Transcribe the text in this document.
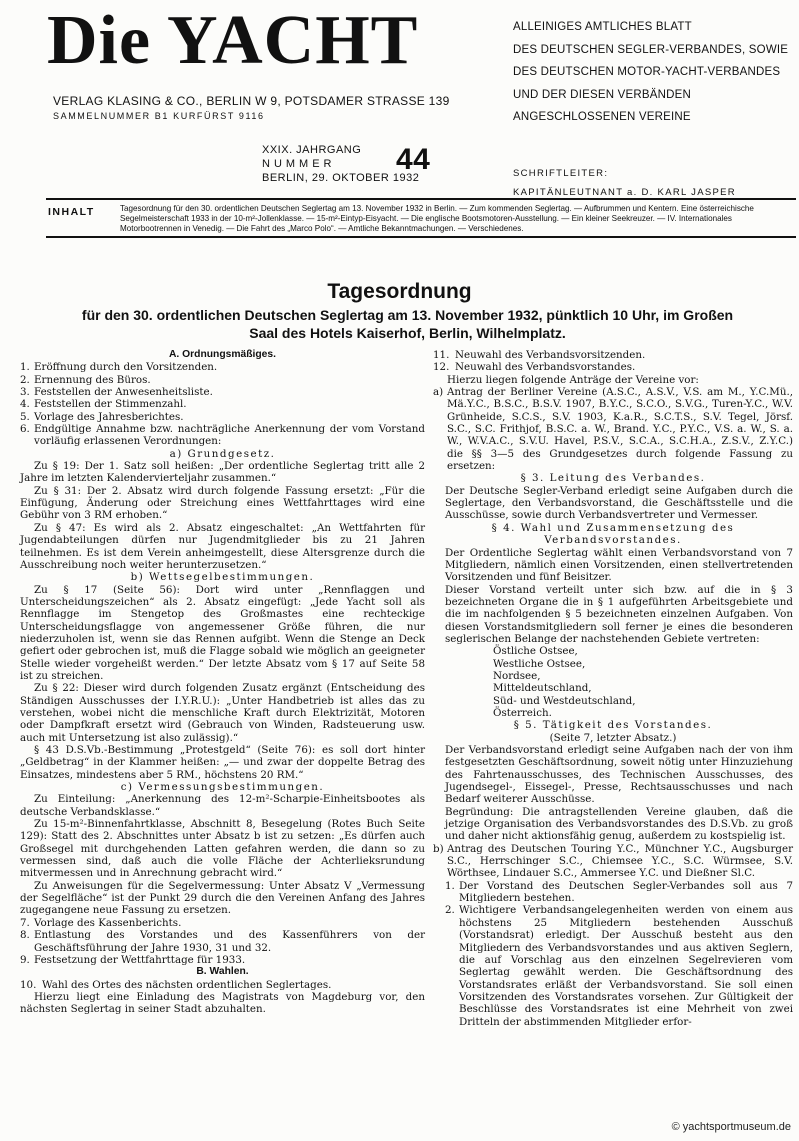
Die YACHT
VERLAG KLASING & CO., BERLIN W 9, POTSDAMER STRASSE 139
SAMMELNUMMER B1 KURFÜRST 9116
ALLEINIGES AMTLICHES BLATT
DES DEUTSCHEN SEGLER-VERBANDES, SOWIE
DES DEUTSCHEN MOTOR-YACHT-VERBANDES
UND DER DIESEN VERBÄNDEN
ANGESCHLOSSENEN VEREINE
XXIX. JAHRGANG
NUMMER
BERLIN, 29. OKTOBER 1932
44	SCHRIFTLEITER:
KAPITÄNLEUTNANT a. D. KARL JASPER
INHALT	Tagesordnung für den 30. ordentlichen Deutschen Seglertag am 13. November 1932 in Berlin. — Zum kommenden Seglertag. — Aufbrummen und Kentern. Eine österreichische Segelmeisterschaft 1933 in der 10-m²-Jollenklasse. — 15-m²-Eintyp-Eisyacht. — Die englische Bootsmotoren-Ausstellung. — Ein kleiner Seekreuzer. — IV. Internationales Motorbootrennen in Venedig. — Die Fahrt des „Marco Polo“. — Amtliche Bekanntmachungen. — Verschiedenes.

Tagesordnung

für den 30. ordentlichen Deutschen Seglertag am 13. November 1932, pünktlich 10 Uhr, im Großen
Saal des Hotels Kaiserhof, Berlin, Wilhelmplatz.

A. Ordnungsmäßiges.

1. Eröffnung durch den Vorsitzenden.
2. Ernennung des Büros.
3. Feststellen der Anwesenheitsliste.
4. Feststellen der Stimmenzahl.
5. Vorlage des Jahresberichtes.
6. Endgültige Annahme bzw. nachträgliche Anerkennung der vom Vorstand vorläufig erlassenen Verordnungen:

a) Grundgesetz.

Zu § 19: Der 1. Satz soll heißen: „Der ordentliche Seglertag tritt alle 2 Jahre im letzten Kalendervierteljahr zusammen.“

Zu § 31: Der 2. Absatz wird durch folgende Fassung ersetzt: „Für die Einfügung, Änderung oder Streichung eines Wettfahrttages wird eine Gebühr von 3 RM erhoben.“

Zu § 47: Es wird als 2. Absatz eingeschaltet: „An Wettfahrten für Jugendabteilungen dürfen nur Jugendmitglieder bis zu 21 Jahren teilnehmen. Es ist dem Verein anheimgestellt, diese Altersgrenze durch die Ausschreibung noch weiter herunterzusetzen.“

b) Wettsegelbestimmungen.

Zu § 17 (Seite 56): Dort wird unter „Rennflaggen und Unterscheidungszeichen“ als 2. Absatz eingefügt: „Jede Yacht soll als Rennflagge im Stengetop des Großmastes eine rechteckige Unterscheidungsflagge von angemessener Größe führen, die nur niederzuholen ist, wenn sie das Rennen aufgibt. Wenn die Stenge an Deck gefiert oder gebrochen ist, muß die Flagge sobald wie möglich an geeigneter Stelle wieder vorgeheißt werden.“ Der letzte Absatz vom § 17 auf Seite 58 ist zu streichen.

Zu § 22: Dieser wird durch folgenden Zusatz ergänzt (Entscheidung des Ständigen Ausschusses der I.Y.R.U.): „Unter Handbetrieb ist alles das zu verstehen, wobei nicht die menschliche Kraft durch Elektrizität, Motoren oder Dampfkraft ersetzt wird (Gebrauch von Winden, Radsteuerung usw. auch mit Untersetzung ist also zulässig).“

§ 43 D.S.Vb.-Bestimmung „Protestgeld“ (Seite 76): es soll dort hinter „Geldbetrag“ in der Klammer heißen: „— und zwar der doppelte Betrag des Einsatzes, mindestens aber 5 RM., höchstens 20 RM.“

c) Vermessungsbestimmungen.

Zu Einteilung: „Anerkennung des 12-m²-Scharpie-Einheitsbootes als deutsche Verbandsklasse.“

Zu 15-m²-Binnenfahrtklasse, Abschnitt 8, Besegelung (Rotes Buch Seite 129): Statt des 2. Abschnittes unter Absatz b ist zu setzen: „Es dürfen auch Großsegel mit durchgehenden Latten gefahren werden, die dann so zu vermessen sind, daß auch die volle Fläche der Achterlieksrundung mitvermessen und in Anrechnung gebracht wird.“

Zu Anweisungen für die Segelvermessung: Unter Absatz V „Vermessung der Segelfläche“ ist der Punkt 29 durch die den Vereinen Anfang des Jahres zugegangene neue Fassung zu ersetzen.

7. Vorlage des Kassenberichts.
8. Entlastung des Vorstandes und des Kassenführers von der Geschäftsführung der Jahre 1930, 31 und 32.
9. Festsetzung der Wettfahrttage für 1933.

B. Wahlen.

10. Wahl des Ortes des nächsten ordentlichen Seglertages.

Hierzu liegt eine Einladung des Magistrats von Magdeburg vor, den nächsten Seglertag in seiner Stadt abzuhalten.

11. Neuwahl des Verbandsvorsitzenden.
12. Neuwahl des Verbandsvorstandes.

Hierzu liegen folgende Anträge der Vereine vor:

a) Antrag der Berliner Vereine (A.S.C., A.S.V., V.S. am M., Y.C.Mü., Mä.Y.C., B.S.C., B.S.V. 1907, B.Y.C., S.C.O., S.V.G., Turen-Y.C., W.V. Grünheide, S.C.S., S.V. 1903, K.a.R., S.C.T.S., S.V. Tegel, Jörsf. S.C., S.C. Frithjof, B.S.C. a. W., Brand. Y.C., P.Y.C., V.S. a. W., S. a. W., W.V.A.C., S.V.U. Havel, P.S.V., S.C.A., S.C.H.A., Z.S.V., Z.Y.C.) die §§ 3—5 des Grundgesetzes durch folgende Fassung zu ersetzen:

§ 3. Leitung des Verbandes.

Der Deutsche Segler-Verband erledigt seine Aufgaben durch die Seglertage, den Verbandsvorstand, die Geschäftsstelle und die Ausschüsse, sowie durch Verbandsvertreter und Vermesser.

§ 4. Wahl und Zusammensetzung des Verbandsvorstandes.

Der Ordentliche Seglertag wählt einen Verbandsvorstand von 7 Mitgliedern, nämlich einen Vorsitzenden, einen stellvertretenden Vorsitzenden und fünf Beisitzer.

Dieser Vorstand verteilt unter sich bzw. auf die in § 3 bezeichneten Organe die in § 1 aufgeführten Arbeitsgebiete und die im nachfolgenden § 5 bezeichneten einzelnen Aufgaben. Von diesen Vorstandsmitgliedern soll ferner je eines die besonderen seglerischen Belange der nachstehenden Gebiete vertreten:

Östliche Ostsee,

Westliche Ostsee,

Nordsee,

Mitteldeutschland,

Süd- und Westdeutschland,

Österreich.

§ 5. Tätigkeit des Vorstandes.

(Seite 7, letzter Absatz.)

Der Verbandsvorstand erledigt seine Aufgaben nach der von ihm festgesetzten Geschäftsordnung, soweit nötig unter Hinzuziehung des Fahrtenausschusses, des Technischen Ausschusses, des Jugendsegel-, Eissegel-, Presse, Rechtsausschusses und nach Bedarf weiterer Ausschüsse.

Begründung: Die antragstellenden Vereine glauben, daß die jetzige Organisation des Verbandsvorstandes des D.S.Vb. zu groß und daher nicht aktionsfähig genug, außerdem zu kostspielig ist.

b) Antrag des Deutschen Touring Y.C., Münchner Y.C., Augsburger S.C., Herrschinger S.C., Chiemsee Y.C., S.C. Würmsee, S.V. Wörthsee, Lindauer S.C., Ammersee Y.C. und Dießner Sl.C.
1. Der Vorstand des Deutschen Segler-Verbandes soll aus 7 Mitgliedern bestehen.
2. Wichtigere Verbandsangelegenheiten werden von einem aus höchstens 25 Mitgliedern bestehenden Ausschuß (Vorstandsrat) erledigt. Der Ausschuß besteht aus den Mitgliedern des Verbandsvorstandes und aus aktiven Seglern, die auf Vorschlag aus den einzelnen Segelrevieren vom Seglertag gewählt werden. Die Geschäftsordnung des Vorstandsrates erläßt der Verbandsvorstand. Sie soll einen Vorsitzenden des Vorstandsrates vorsehen. Zur Gültigkeit der Beschlüsse des Vorstandsrates ist eine Mehrheit von zwei Dritteln der abstimmenden Mitglieder erfor-
© yachtsportmuseum.de
